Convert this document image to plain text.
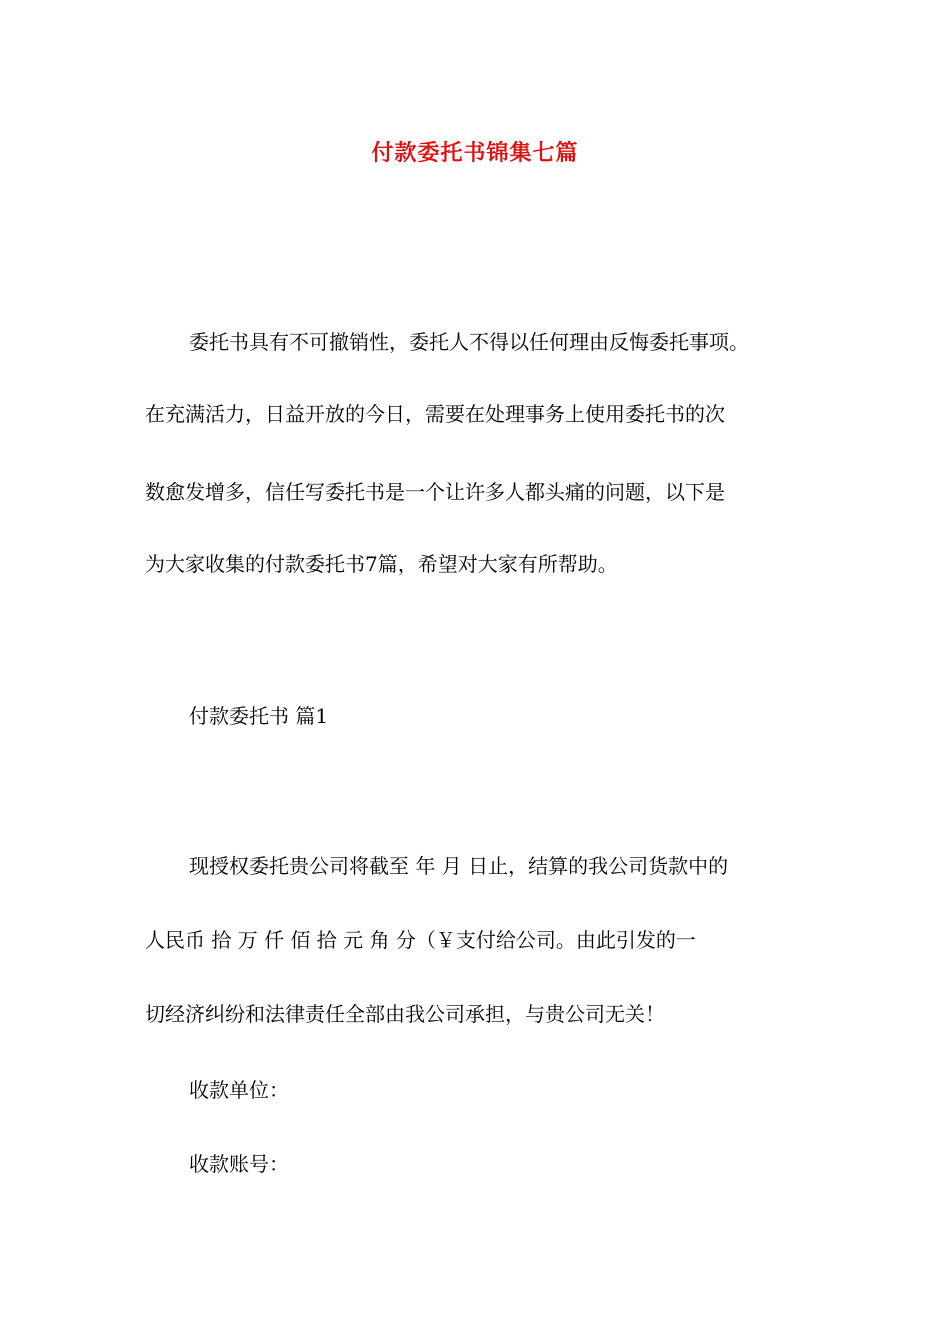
付款委托书锦集七篇
委托书具有不可撤销性，委托人不得以任何理由反悔委托事项。
在充满活力，日益开放的今日，需要在处理事务上使用委托书的次
数愈发增多，信任写委托书是一个让许多人都头痛的问题，以下是
为大家收集的付款委托书7篇，希望对大家有所帮助。
付款委托书 篇1
现授权委托贵公司将截至 年 月 日止，结算的我公司货款中的
人民币 拾 万 仟 佰 拾 元 角 分（￥支付给公司。由此引发的一
切经济纠纷和法律责任全部由我公司承担，与贵公司无关！
收款单位：
收款账号：
